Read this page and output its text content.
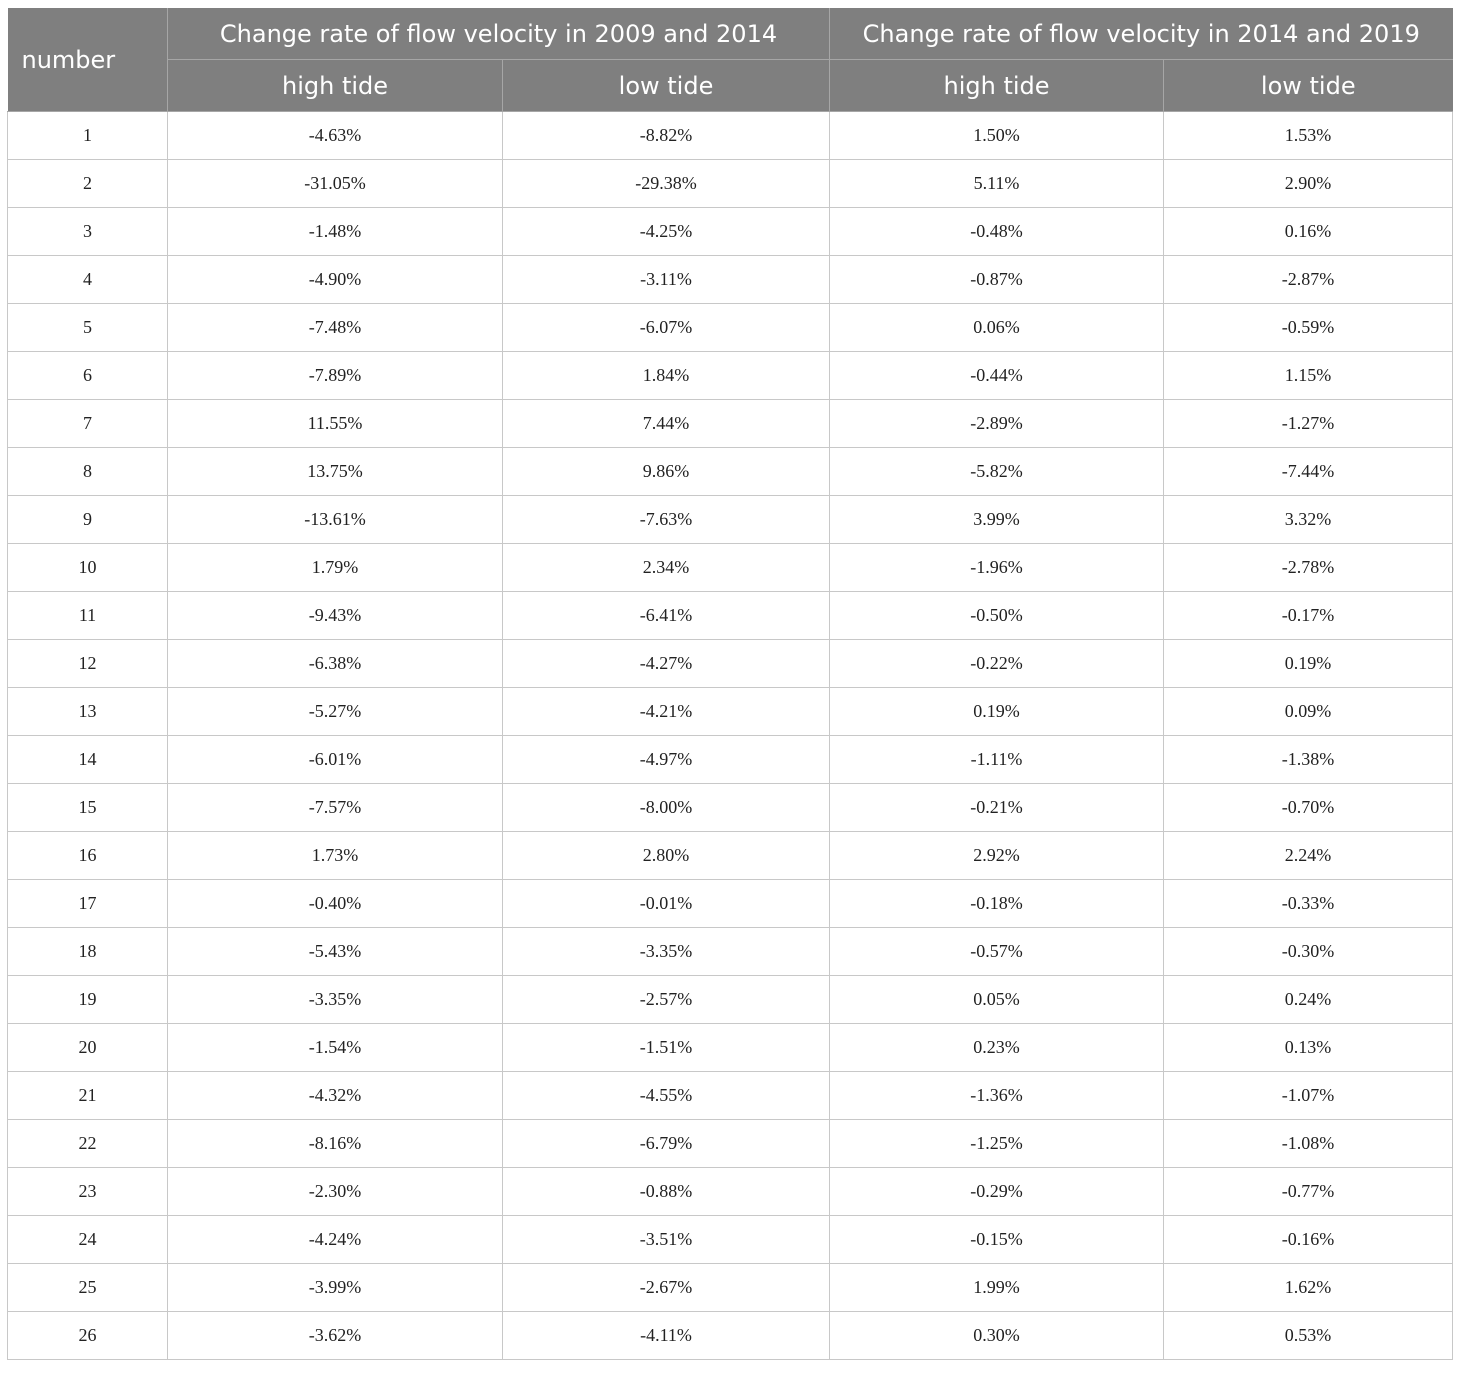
number	Change rate of flow velocity in 2009 and 2014		Change rate of flow velocity in 2014 and 2019	
	high tide	low tide	high tide	low tide
1	-4.63%	-8.82%	1.50%	1.53%
2	-31.05%	-29.38%	5.11%	2.90%
3	-1.48%	-4.25%	-0.48%	0.16%
4	-4.90%	-3.11%	-0.87%	-2.87%
5	-7.48%	-6.07%	0.06%	-0.59%
6	-7.89%	1.84%	-0.44%	1.15%
7	11.55%	7.44%	-2.89%	-1.27%
8	13.75%	9.86%	-5.82%	-7.44%
9	-13.61%	-7.63%	3.99%	3.32%
10	1.79%	2.34%	-1.96%	-2.78%
11	-9.43%	-6.41%	-0.50%	-0.17%
12	-6.38%	-4.27%	-0.22%	0.19%
13	-5.27%	-4.21%	0.19%	0.09%
14	-6.01%	-4.97%	-1.11%	-1.38%
15	-7.57%	-8.00%	-0.21%	-0.70%
16	1.73%	2.80%	2.92%	2.24%
17	-0.40%	-0.01%	-0.18%	-0.33%
18	-5.43%	-3.35%	-0.57%	-0.30%
19	-3.35%	-2.57%	0.05%	0.24%
20	-1.54%	-1.51%	0.23%	0.13%
21	-4.32%	-4.55%	-1.36%	-1.07%
22	-8.16%	-6.79%	-1.25%	-1.08%
23	-2.30%	-0.88%	-0.29%	-0.77%
24	-4.24%	-3.51%	-0.15%	-0.16%
25	-3.99%	-2.67%	1.99%	1.62%
26	-3.62%	-4.11%	0.30%	0.53%
